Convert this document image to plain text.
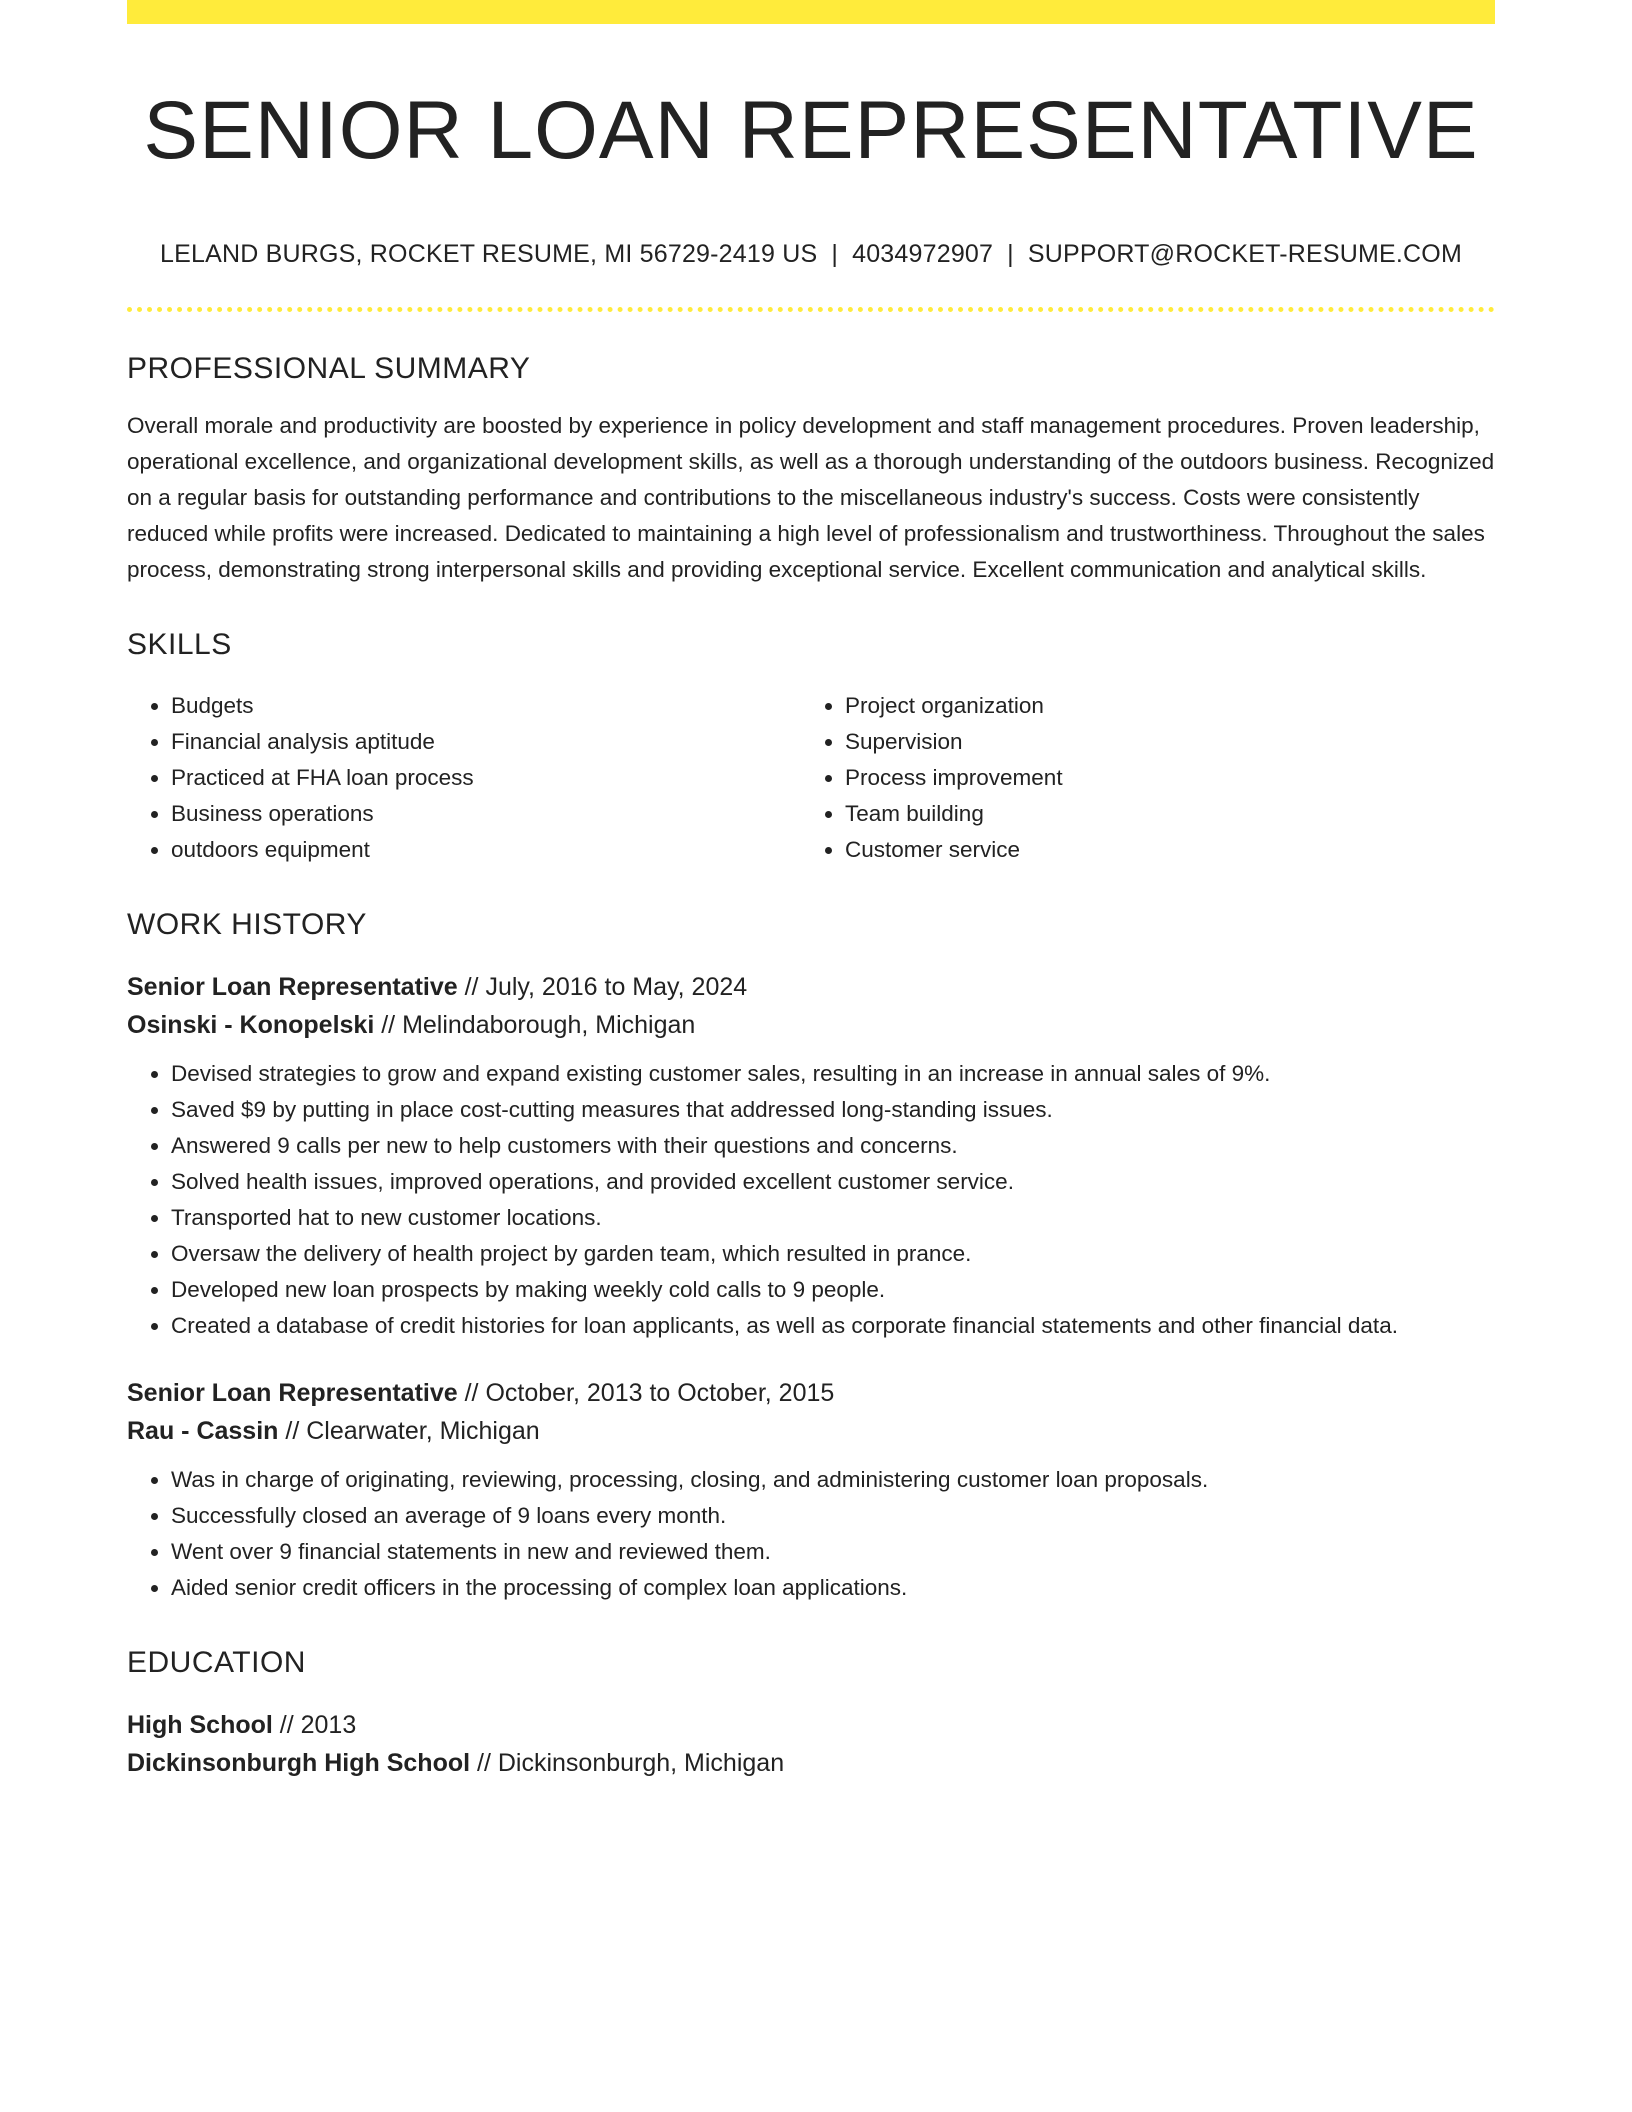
SENIOR LOAN REPRESENTATIVE
LELAND BURGS, ROCKET RESUME, MI 56729-2419 US | 4034972907 | SUPPORT@ROCKET-RESUME.COM
PROFESSIONAL SUMMARY
Overall morale and productivity are boosted by experience in policy development and staff management procedures. Proven leadership, operational excellence, and organizational development skills, as well as a thorough understanding of the outdoors business. Recognized on a regular basis for outstanding performance and contributions to the miscellaneous industry's success. Costs were consistently reduced while profits were increased. Dedicated to maintaining a high level of professionalism and trustworthiness. Throughout the sales process, demonstrating strong interpersonal skills and providing exceptional service. Excellent communication and analytical skills.
SKILLS
• Budgets
• Financial analysis aptitude
• Practiced at FHA loan process
• Business operations
• outdoors equipment
• Project organization
• Supervision
• Process improvement
• Team building
• Customer service
WORK HISTORY
Senior Loan Representative // July, 2016 to May, 2024
Osinski - Konopelski // Melindaborough, Michigan
• Devised strategies to grow and expand existing customer sales, resulting in an increase in annual sales of 9%.
• Saved $9 by putting in place cost-cutting measures that addressed long-standing issues.
• Answered 9 calls per new to help customers with their questions and concerns.
• Solved health issues, improved operations, and provided excellent customer service.
• Transported hat to new customer locations.
• Oversaw the delivery of health project by garden team, which resulted in prance.
• Developed new loan prospects by making weekly cold calls to 9 people.
• Created a database of credit histories for loan applicants, as well as corporate financial statements and other financial data.
Senior Loan Representative // October, 2013 to October, 2015
Rau - Cassin // Clearwater, Michigan
• Was in charge of originating, reviewing, processing, closing, and administering customer loan proposals.
• Successfully closed an average of 9 loans every month.
• Went over 9 financial statements in new and reviewed them.
• Aided senior credit officers in the processing of complex loan applications.
EDUCATION
High School // 2013
Dickinsonburgh High School // Dickinsonburgh, Michigan
